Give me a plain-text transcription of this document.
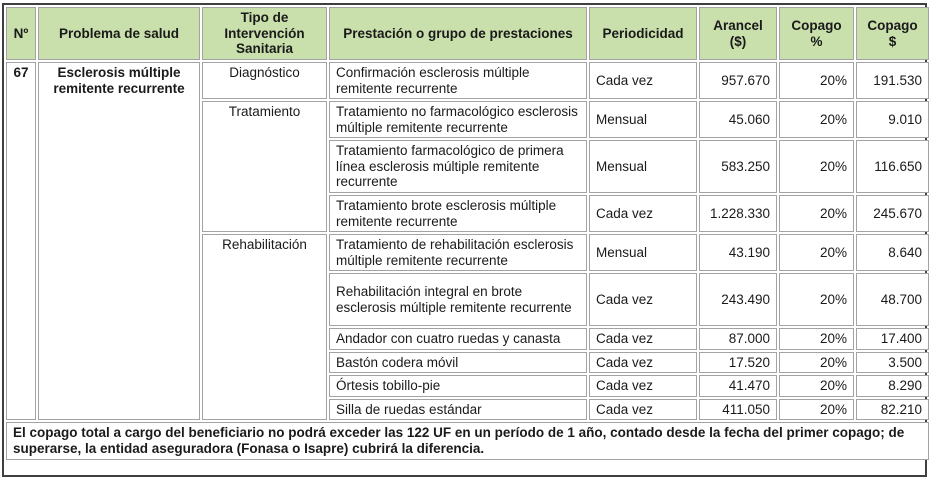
Nº	Problema de salud	Tipo de Intervención Sanitaria	Prestación o grupo de prestaciones	Periodicidad	Arancel ($)	Copago %	Copago $
67	Esclerosis múltiple remitente recurrente	Diagnóstico	Confirmación esclerosis múltiple remitente recurrente	Cada vez	957.670	20%	191.530
		Tratamiento	Tratamiento no farmacológico esclerosis múltiple remitente recurrente	Mensual	45.060	20%	9.010
			Tratamiento farmacológico de primera línea esclerosis múltiple remitente recurrente	Mensual	583.250	20%	116.650
			Tratamiento brote esclerosis múltiple remitente recurrente	Cada vez	1.228.330	20%	245.670
		Rehabilitación	Tratamiento de rehabilitación esclerosis múltiple remitente recurrente	Mensual	43.190	20%	8.640
			Rehabilitación integral en brote esclerosis múltiple remitente recurrente	Cada vez	243.490	20%	48.700
			Andador con cuatro ruedas y canasta	Cada vez	87.000	20%	17.400
			Bastón codera móvil	Cada vez	17.520	20%	3.500
			Órtesis tobillo-pie	Cada vez	41.470	20%	8.290
			Silla de ruedas estándar	Cada vez	411.050	20%	82.210
El copago total a cargo del beneficiario no podrá exceder las 122 UF en un período de 1 año, contado desde la fecha del primer copago; de superarse, la entidad aseguradora (Fonasa o Isapre) cubrirá la diferencia.							
